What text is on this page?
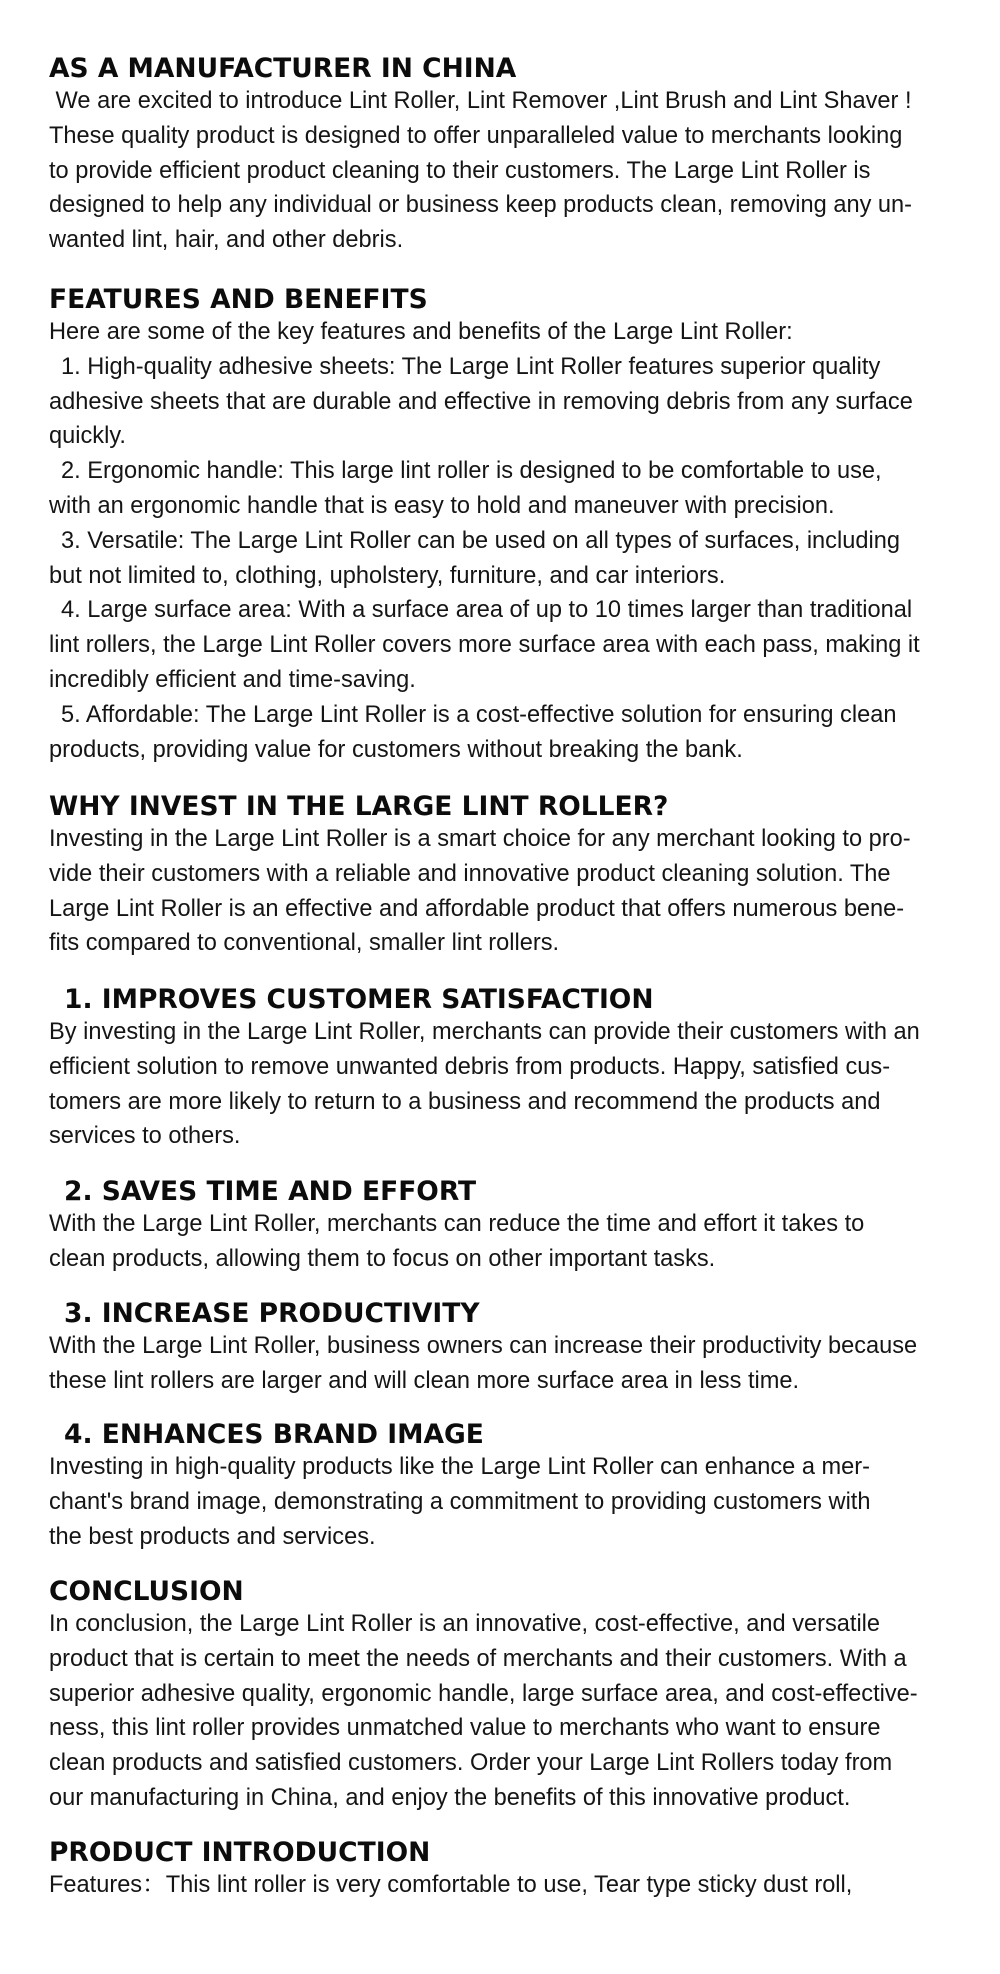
AS A MANUFACTURER IN CHINA

We are excited to introduce Lint Roller, Lint Remover ,Lint Brush and Lint Shaver !
These quality product is designed to offer unparalleled value to merchants looking
to provide efficient product cleaning to their customers. The Large Lint Roller is
designed to help any individual or business keep products clean, removing any un-
wanted lint, hair, and other debris.

FEATURES AND BENEFITS

Here are some of the key features and benefits of the Large Lint Roller:
1. High-quality adhesive sheets: The Large Lint Roller features superior quality
adhesive sheets that are durable and effective in removing debris from any surface
quickly.
2. Ergonomic handle: This large lint roller is designed to be comfortable to use,
with an ergonomic handle that is easy to hold and maneuver with precision.
3. Versatile: The Large Lint Roller can be used on all types of surfaces, including
but not limited to, clothing, upholstery, furniture, and car interiors.
4. Large surface area: With a surface area of up to 10 times larger than traditional
lint rollers, the Large Lint Roller covers more surface area with each pass, making it
incredibly efficient and time-saving.
5. Affordable: The Large Lint Roller is a cost-effective solution for ensuring clean
products, providing value for customers without breaking the bank.

WHY INVEST IN THE LARGE LINT ROLLER?

Investing in the Large Lint Roller is a smart choice for any merchant looking to pro-
vide their customers with a reliable and innovative product cleaning solution. The
Large Lint Roller is an effective and affordable product that offers numerous bene-
fits compared to conventional, smaller lint rollers.

1. IMPROVES CUSTOMER SATISFACTION

By investing in the Large Lint Roller, merchants can provide their customers with an
efficient solution to remove unwanted debris from products. Happy, satisfied cus-
tomers are more likely to return to a business and recommend the products and
services to others.

2. SAVES TIME AND EFFORT

With the Large Lint Roller, merchants can reduce the time and effort it takes to
clean products, allowing them to focus on other important tasks.

3. INCREASE PRODUCTIVITY

With the Large Lint Roller, business owners can increase their productivity because
these lint rollers are larger and will clean more surface area in less time.

4. ENHANCES BRAND IMAGE

Investing in high-quality products like the Large Lint Roller can enhance a mer-
chant's brand image, demonstrating a commitment to providing customers with
the best products and services.

CONCLUSION

In conclusion, the Large Lint Roller is an innovative, cost-effective, and versatile
product that is certain to meet the needs of merchants and their customers. With a
superior adhesive quality, ergonomic handle, large surface area, and cost-effective-
ness, this lint roller provides unmatched value to merchants who want to ensure
clean products and satisfied customers. Order your Large Lint Rollers today from
our manufacturing in China, and enjoy the benefits of this innovative product.

PRODUCT INTRODUCTION

Features：This lint roller is very comfortable to use, Tear type sticky dust roll,
